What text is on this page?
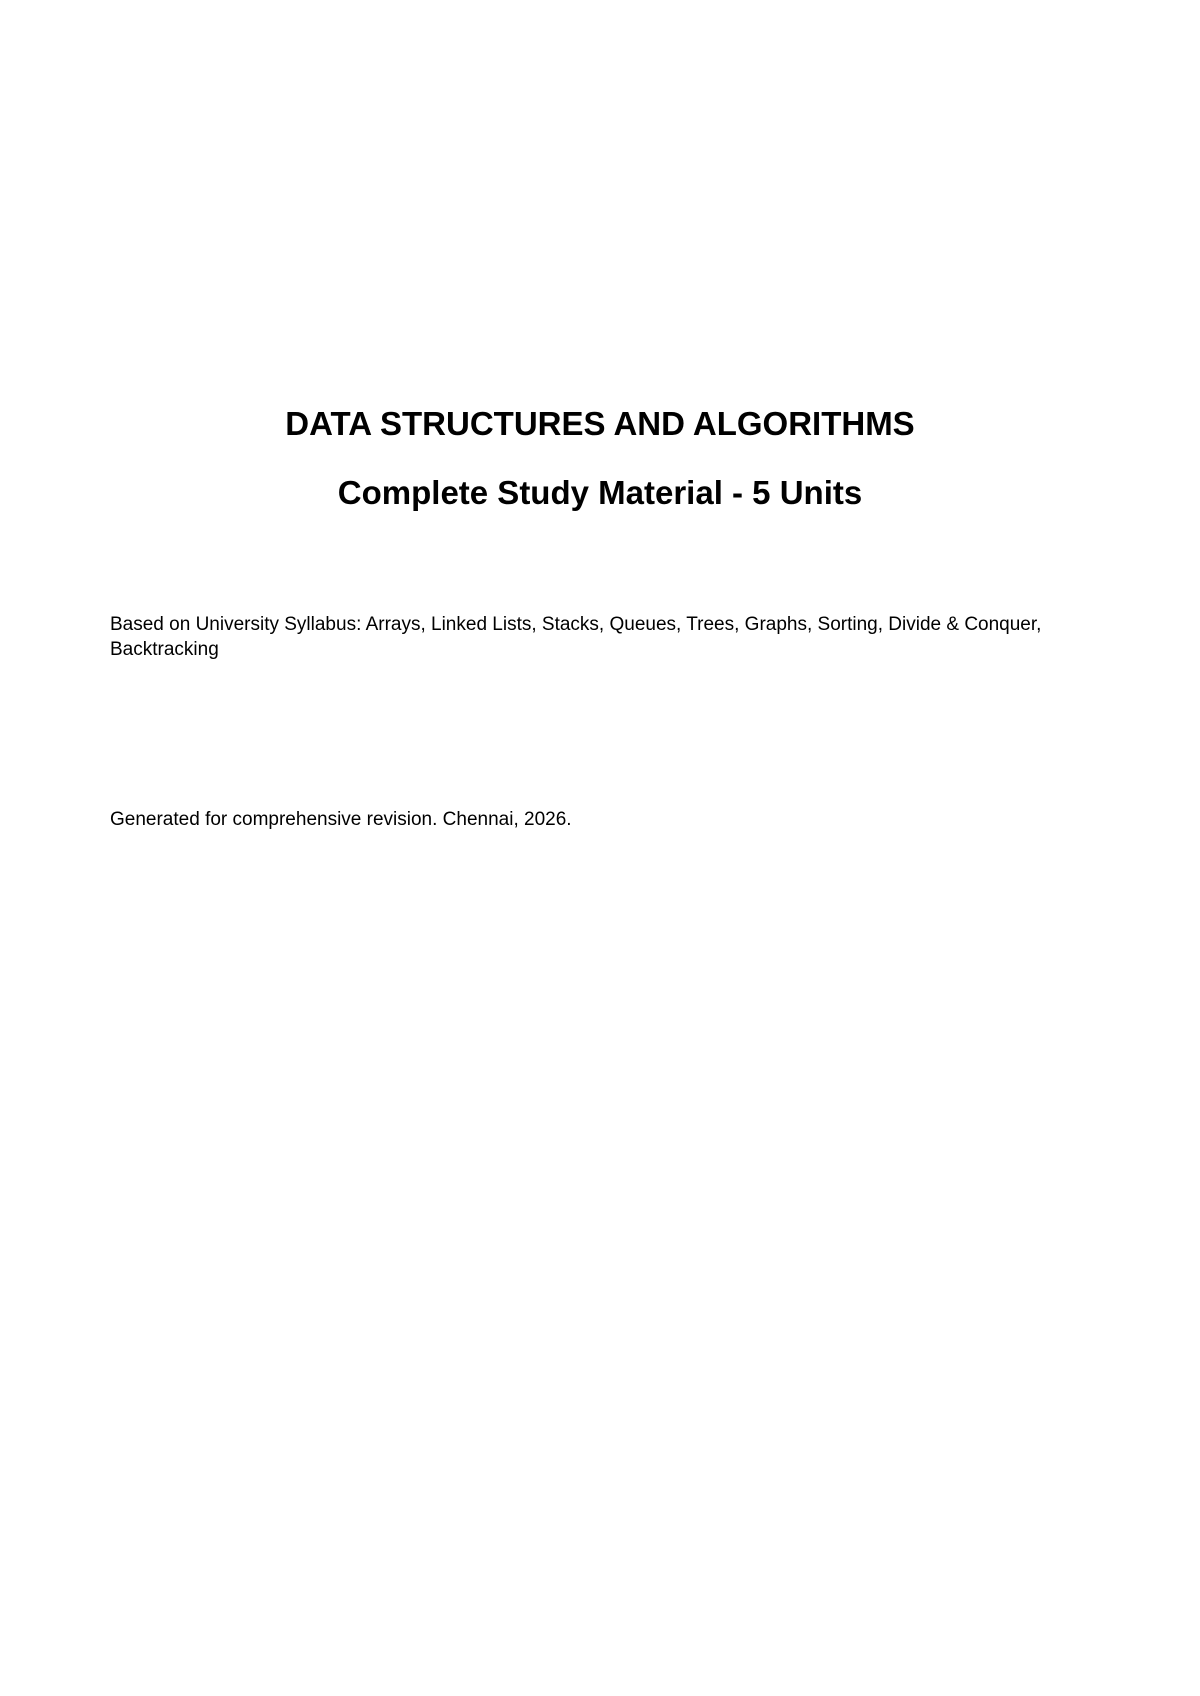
DATA STRUCTURES AND ALGORITHMS
Complete Study Material - 5 Units

Based on University Syllabus: Arrays, Linked Lists, Stacks, Queues, Trees, Graphs, Sorting, Divide & Conquer, Backtracking

Generated for comprehensive revision. Chennai, 2026.
